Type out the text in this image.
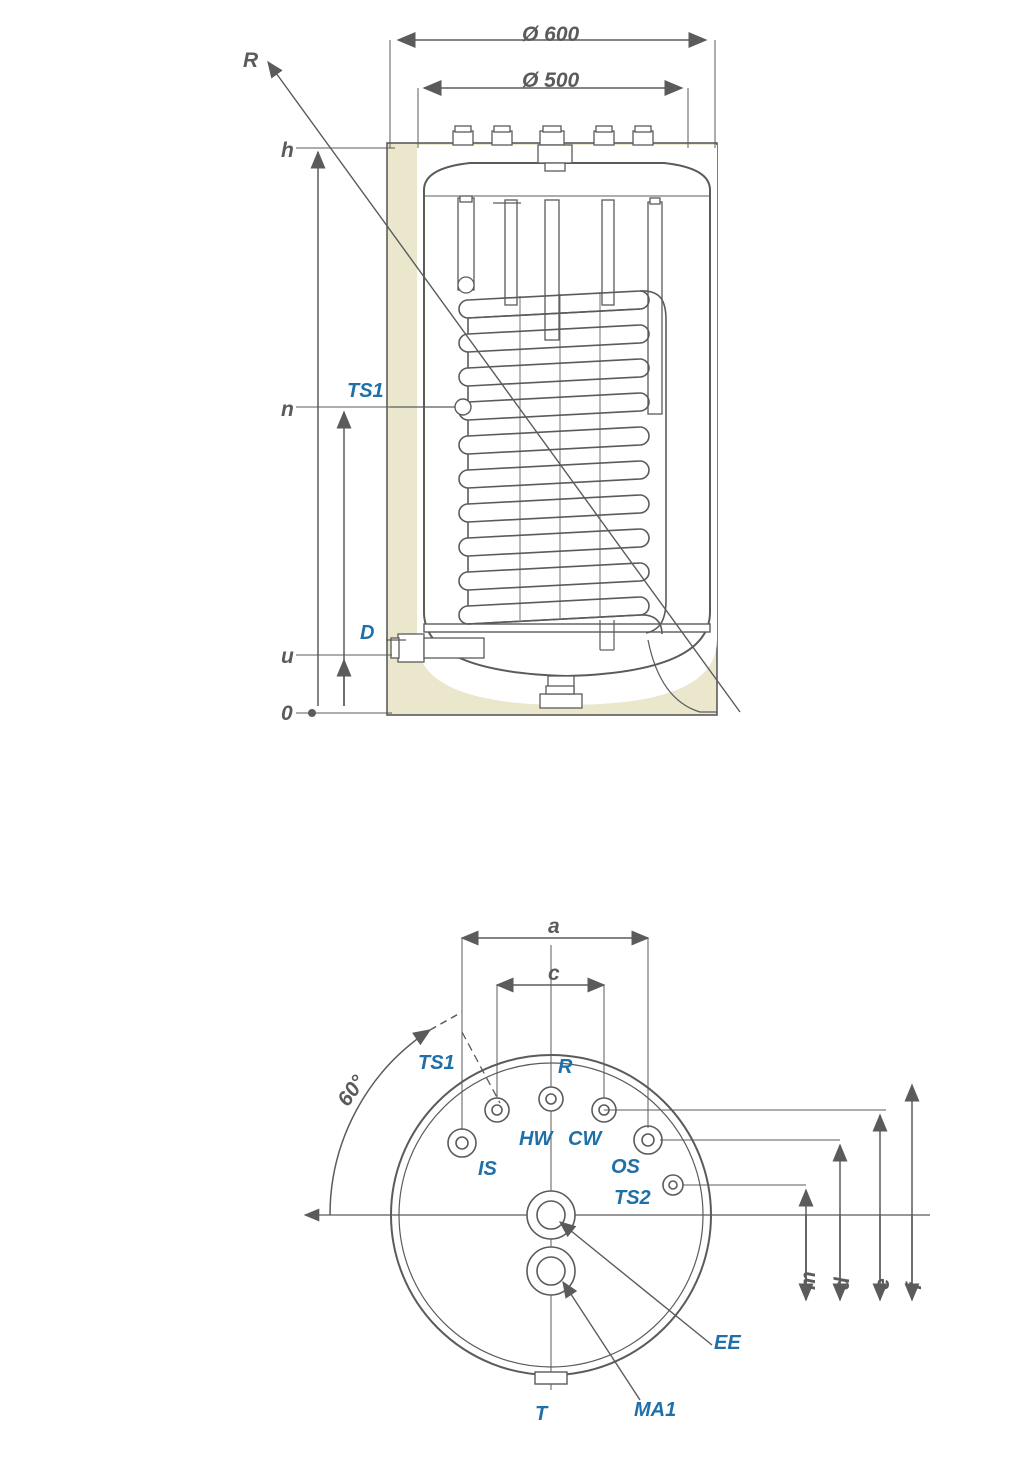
Ø 600
Ø 500
h
n
u
0
R
TS1
D
a
c
60°
TS1	R
HW CW
IS	OS
TS2
EE
MA1
T
m d e f
